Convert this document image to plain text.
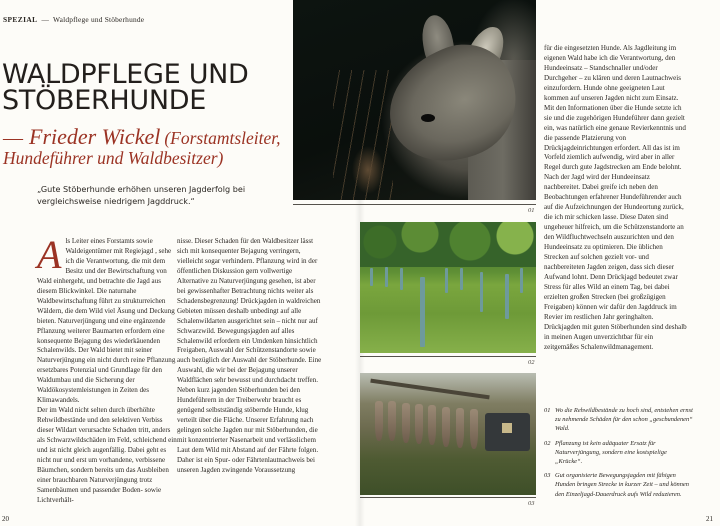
SPEZIAL — Waldpflege und Stöberhunde
WALDPFLEGE UND
STÖBERHUNDE
— Frieder Wickel (Forstamtsleiter,
Hundeführer und Waldbesitzer)
„Gute Stöberhunde erhöhen unseren Jagderfolg bei vergleichsweise niedrigem Jagddruck.“
A ls Leiter eines Forstamts sowie Waldeigentümer mit Regiejagd , sehe ich die Verantwortung, die mit dem Besitz und der Bewirtschaftung von Wald einhergeht, und betrachte die Jagd aus diesem Blickwinkel. Die naturnahe Waldbewirtschaftung führt zu strukturreichen Wäldern, die dem Wild viel Äsung und Deckung bieten. Naturverjüngung und eine ergänzende Pflanzung weiterer Baumarten erfordern eine konsequente Bejagung des wiederkäuenden Schalenwilds. Der Wald bietet mit seiner Naturverjüngung ein nicht durch reine Pflanzung ersetzbares Potenzial und Grundlage für den Waldumbau und die Sicherung der Waldökosystemleistungen in Zeiten des Klimawandels.

Der im Wald nicht selten durch überhöhte Rehwildbestände und den selektiven Verbiss dieser Wildart verursachte Schaden tritt, anders als Schwarzwildschäden im Feld, schleichend ein und ist nicht gleich augenfällig. Dabei geht es nicht nur und erst um vorhandene, verbissene Bäumchen, sondern bereits um das Ausbleiben einer brauchbaren Naturverjüngung trotz Samenbäumen und passender Boden- sowie Lichtverhält-

nisse. Dieser Schaden für den Waldbesitzer lässt sich mit konsequenter Bejagung verringern, vielleicht sogar verhindern. Pflanzung wird in der öffentlichen Diskussion gern vollwertige Alternative zu Naturverjüngung gesehen, ist aber bei gewissenhafter Betrachtung nichts weiter als Schadensbegrenzung! Drückjagden in waldreichen Gebieten müssen deshalb unbedingt auf alle Schalenwildarten ausgerichtet sein – nicht nur auf Schwarzwild. Bewegungsjagden auf alles Schalenwild erfordern ein Umdenken hinsichtlich Freigaben, Auswahl der Schützenstandorte sowie auch bezüglich der Auswahl der Stöberhunde. Eine Auswahl, die wir bei der Bejagung unserer Waldflächen sehr bewusst und durchdacht treffen.

Neben kurz jagenden Stöberhunden bei den Hundeführern in der Treiberwehr braucht es genügend selbstständig stöbernde Hunde, klug verteilt über die Fläche. Unserer Erfahrung nach gelingen solche Jagden nur mit Stöberhunden, die mit konzentrierter Nasenarbeit und verlässlichem Laut dem Wild mit Abstand auf der Fährte folgen. Daher ist ein Spur- oder Fährtenlautnachweis bei unseren Jagden zwingende Voraussetzung

für die eingesetzten Hunde. Als Jagdleitung im eigenen Wald habe ich die Verantwortung, den Hundeeinsatz – Standschnaller und/oder Durchgeher – zu klären und deren Lautnachweis einzufordern. Hunde ohne geeigneten Laut kommen auf unseren Jagden nicht zum Einsatz.

Mit den Informationen über die Hunde setzte ich sie und die zugehörigen Hundeführer dann gezielt ein, was natürlich eine genaue Revierkenntnis und die passende Platzierung von Drückjagdeinrichtungen erfordert. All das ist im Vorfeld ziemlich aufwendig, wird aber in aller Regel durch gute Jagdstrecken am Ende belohnt.

Nach der Jagd wird der Hundeeinsatz nachbereitet. Dabei greife ich neben den Beobachtungen erfahrener Hundeführender auch auf die Aufzeichnungen der Hundeortung zurück, die ich mir schicken lasse. Diese Daten sind ungeheuer hilfreich, um die Schützenstandorte an den Wildfluchtwechseln auszurichten und den Hundeeinsatz zu optimieren. Die üblichen Strecken auf solchen gezielt vor- und nachbereiteten Jagden zeigen, dass sich dieser Aufwand lohnt. Denn Drückjagd bedeutet zwar Stress für alles Wild an einem Tag, bei dabei erzielten großen Strecken (bei großzügigen Freigaben) können wir dafür den Jagddruck im Revier im restlichen Jahr geringhalten. Drückjagden mit guten Stöberhunden sind deshalb in meinen Augen unverzichtbar für ein zeitgemäßes Schalenwildmanagement.

01
02
03
01 Wo die Rehwildbestände zu hoch sind, entstehen ernst zu nehmende Schäden für den schon „gescbundenen“ Wald.
02 Pflanzung ist kein adäquater Ersatz für Naturverjüngung, sondern eine kostspielige „Krücke“.
03 Gut organisierte Bewegungsjagden mit fähigen Hunden bringen Strecke in kurzer Zeit – und können den Einzeljagd-Dauerdruck aufs Wild reduzieren.
20	21
